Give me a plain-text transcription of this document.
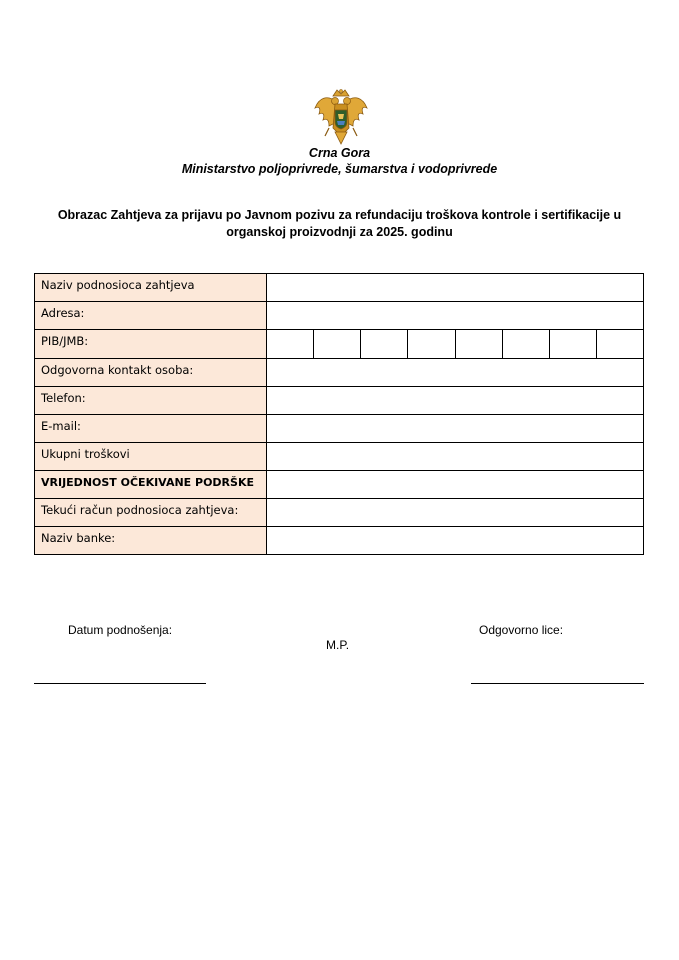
Crna Gora
Ministarstvo poljoprivrede, šumarstva i vodoprivrede
Obrazac Zahtjeva za prijavu po Javnom pozivu za refundaciju troškova kontrole i sertifikacije u
organskoj proizvodnji za 2025. godinu
Naziv podnosioca zahtjeva	
Adresa:	
PIB/JMB:	

Odgovorna kontakt osoba:	
Telefon:	
E-mail:	
Ukupni troškovi	
VRIJEDNOST OČEKIVANE PODRŠKE	
Tekući račun podnosioca zahtjeva:	
Naziv banke:	
Datum podnošenja:	Odgovorno lice:
M.P.
